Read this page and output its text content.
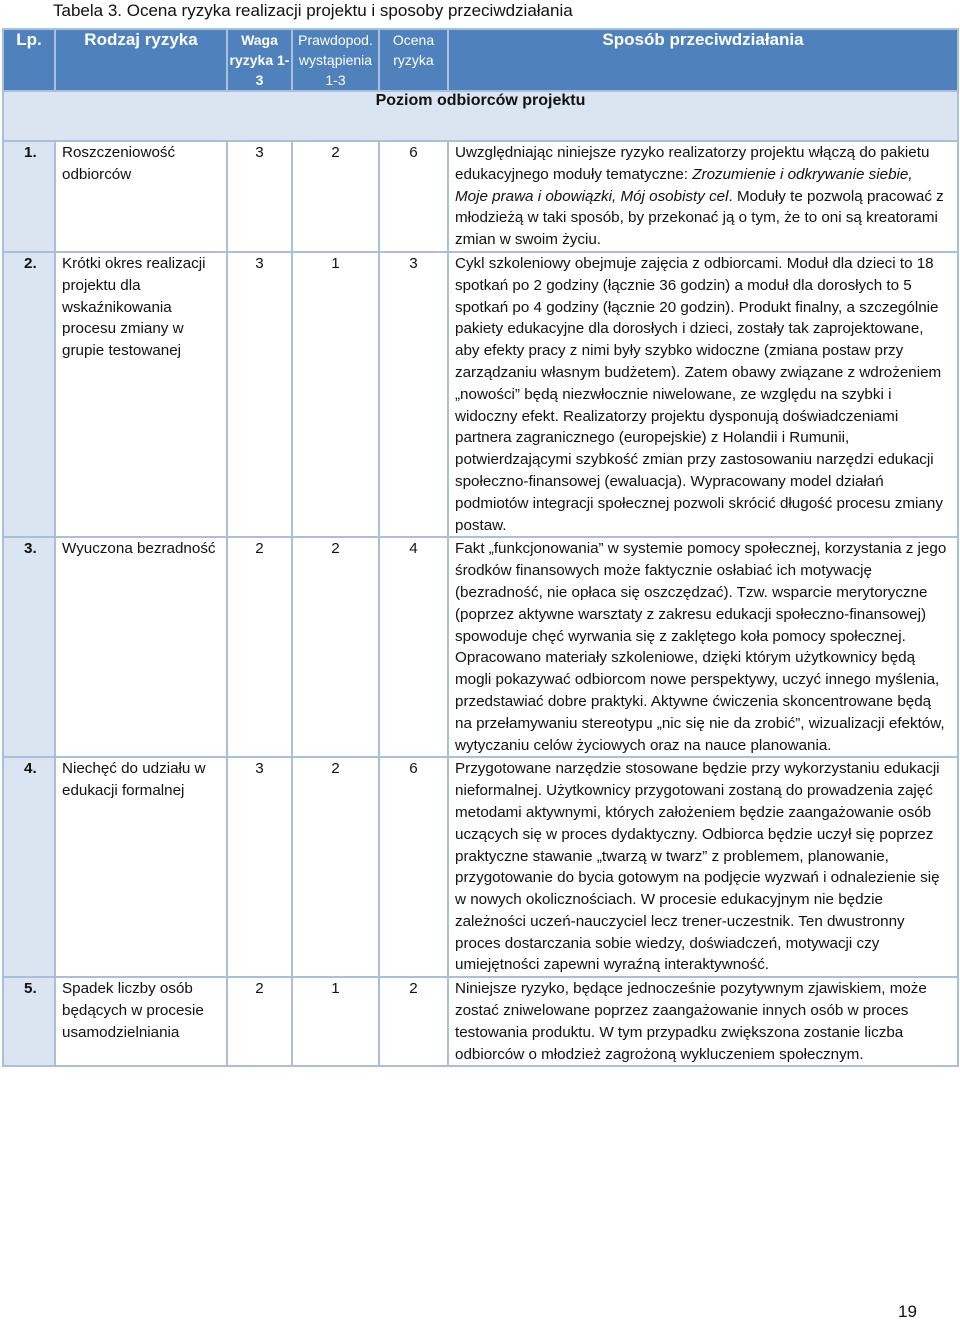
Tabela 3. Ocena ryzyka realizacji projektu i sposoby przeciwdziałania
Lp.	Rodzaj ryzyka	Waga ryzyka 1-3	Prawdopod. wystąpienia 1-3	Ocena ryzyka	Sposób przeciwdziałania
Poziom odbiorców projektu					
1.	Roszczeniowość odbiorców	3	2	6	Uwzględniając niniejsze ryzyko realizatorzy projektu włączą do pakietu edukacyjnego moduły tematyczne: Zrozumienie i odkrywanie siebie, Moje prawa i obowiązki, Mój osobisty cel. Moduły te pozwolą pracować z młodzieżą w taki sposób, by przekonać ją o tym, że to oni są kreatorami zmian w swoim życiu.
2.	Krótki okres realizacji projektu dla wskaźnikowania procesu zmiany w grupie testowanej	3	1	3	Cykl szkoleniowy obejmuje zajęcia z odbiorcami. Moduł dla dzieci to 18 spotkań po 2 godziny (łącznie 36 godzin) a moduł dla dorosłych to 5 spotkań po 4 godziny (łącznie 20 godzin). Produkt finalny, a szczególnie pakiety edukacyjne dla dorosłych i dzieci, zostały tak zaprojektowane, aby efekty pracy z nimi były szybko widoczne (zmiana postaw przy zarządzaniu własnym budżetem). Zatem obawy związane z wdrożeniem „nowości” będą niezwłocznie niwelowane, ze względu na szybki i widoczny efekt. Realizatorzy projektu dysponują doświadczeniami partnera zagranicznego (europejskie) z Holandii i Rumunii, potwierdzającymi szybkość zmian przy zastosowaniu narzędzi edukacji społeczno-finansowej (ewaluacja). Wypracowany model działań podmiotów integracji społecznej pozwoli skrócić długość procesu zmiany postaw.
3.	Wyuczona bezradność	2	2	4	Fakt „funkcjonowania” w systemie pomocy społecznej, korzystania z jego środków finansowych może faktycznie osłabiać ich motywację (bezradność, nie opłaca się oszczędzać). Tzw. wsparcie merytoryczne (poprzez aktywne warsztaty z zakresu edukacji społeczno-finansowej) spowoduje chęć wyrwania się z zaklętego koła pomocy społecznej. Opracowano materiały szkoleniowe, dzięki którym użytkownicy będą mogli pokazywać odbiorcom nowe perspektywy, uczyć innego myślenia, przedstawiać dobre praktyki. Aktywne ćwiczenia skoncentrowane będą na przełamywaniu stereotypu „nic się nie da zrobić”, wizualizacji efektów, wytyczaniu celów życiowych oraz na nauce planowania.
4.	Niechęć do udziału w edukacji formalnej	3	2	6	Przygotowane narzędzie stosowane będzie przy wykorzystaniu edukacji nieformalnej. Użytkownicy przygotowani zostaną do prowadzenia zajęć metodami aktywnymi, których założeniem będzie zaangażowanie osób uczących się w proces dydaktyczny. Odbiorca będzie uczył się poprzez praktyczne stawanie „twarzą w twarz” z problemem, planowanie, przygotowanie do bycia gotowym na podjęcie wyzwań i odnalezienie się w nowych okolicznościach. W procesie edukacyjnym nie będzie zależności uczeń-nauczyciel lecz trener-uczestnik. Ten dwustronny proces dostarczania sobie wiedzy, doświadczeń, motywacji czy umiejętności zapewni wyraźną interaktywność.
5.	Spadek liczby osób będących w procesie usamodzielniania	2	1	2	Niniejsze ryzyko, będące jednocześnie pozytywnym zjawiskiem, może zostać zniwelowane poprzez zaangażowanie innych osób w proces testowania produktu. W tym przypadku zwiększona zostanie liczba odbiorców o młodzież zagrożoną wykluczeniem społecznym.
19
